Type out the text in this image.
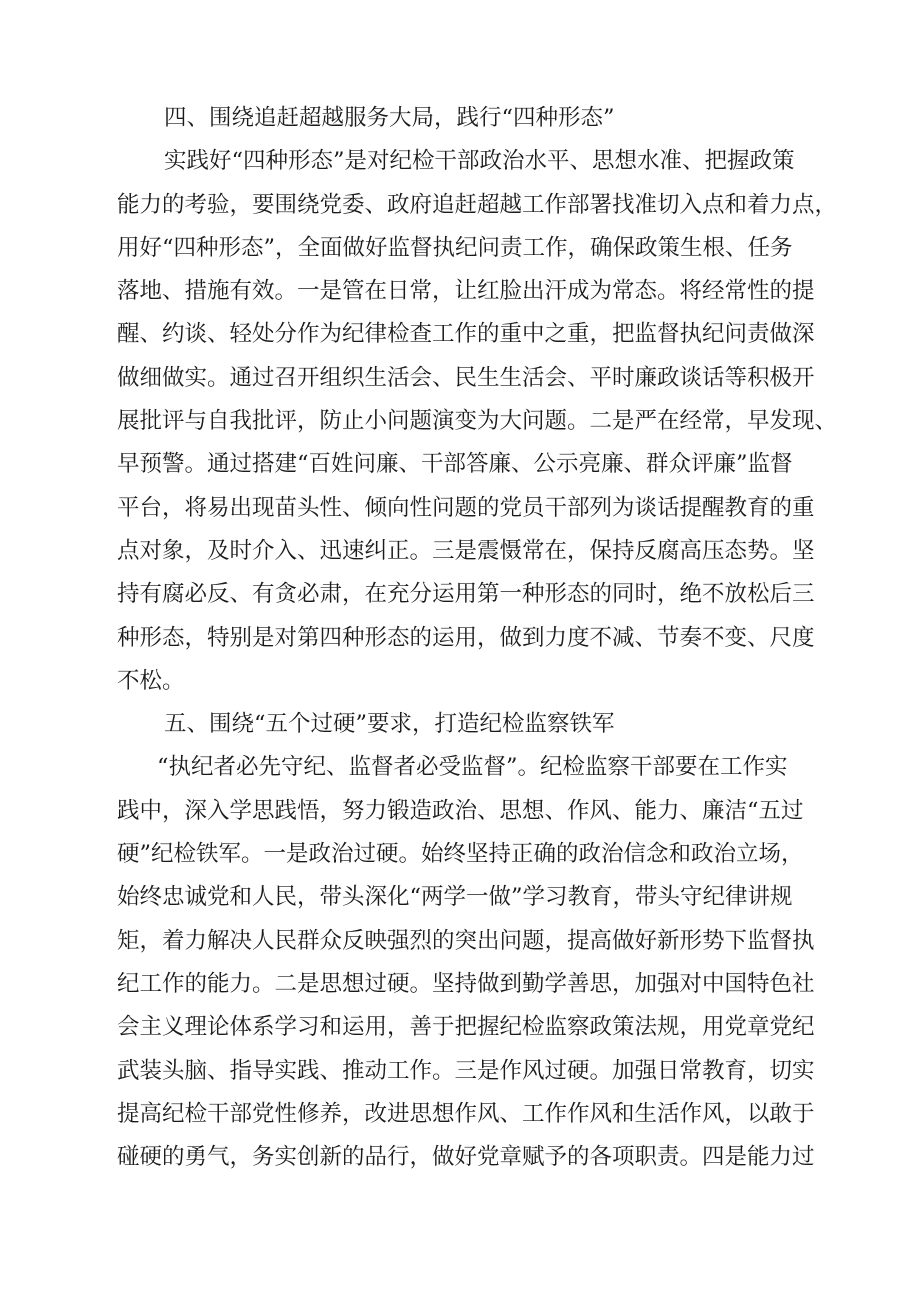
四、围绕追赶超越服务大局，践行“四种形态”
实践好“四种形态”是对纪检干部政治水平、思想水准、把握政策
能力的考验，要围绕党委、政府追赶超越工作部署找准切入点和着力点，
用好“四种形态”，全面做好监督执纪问责工作，确保政策生根、任务
落地、措施有效。一是管在日常，让红脸出汗成为常态。将经常性的提
醒、约谈、轻处分作为纪律检查工作的重中之重，把监督执纪问责做深
做细做实。通过召开组织生活会、民生生活会、平时廉政谈话等积极开
展批评与自我批评，防止小问题演变为大问题。二是严在经常，早发现、
早预警。通过搭建“百姓问廉、干部答廉、公示亮廉、群众评廉”监督
平台，将易出现苗头性、倾向性问题的党员干部列为谈话提醒教育的重
点对象，及时介入、迅速纠正。三是震慑常在，保持反腐高压态势。坚
持有腐必反、有贪必肃，在充分运用第一种形态的同时，绝不放松后三
种形态，特别是对第四种形态的运用，做到力度不减、节奏不变、尺度
不松。
五、围绕“五个过硬”要求，打造纪检监察铁军
“执纪者必先守纪、监督者必受监督”。纪检监察干部要在工作实
践中，深入学思践悟，努力锻造政治、思想、作风、能力、廉洁“五过
硬”纪检铁军。一是政治过硬。始终坚持正确的政治信念和政治立场，
始终忠诚党和人民，带头深化“两学一做”学习教育，带头守纪律讲规
矩，着力解决人民群众反映强烈的突出问题，提高做好新形势下监督执
纪工作的能力。二是思想过硬。坚持做到勤学善思，加强对中国特色社
会主义理论体系学习和运用，善于把握纪检监察政策法规，用党章党纪
武装头脑、指导实践、推动工作。三是作风过硬。加强日常教育，切实
提高纪检干部党性修养，改进思想作风、工作作风和生活作风，以敢于
碰硬的勇气，务实创新的品行，做好党章赋予的各项职责。四是能力过
